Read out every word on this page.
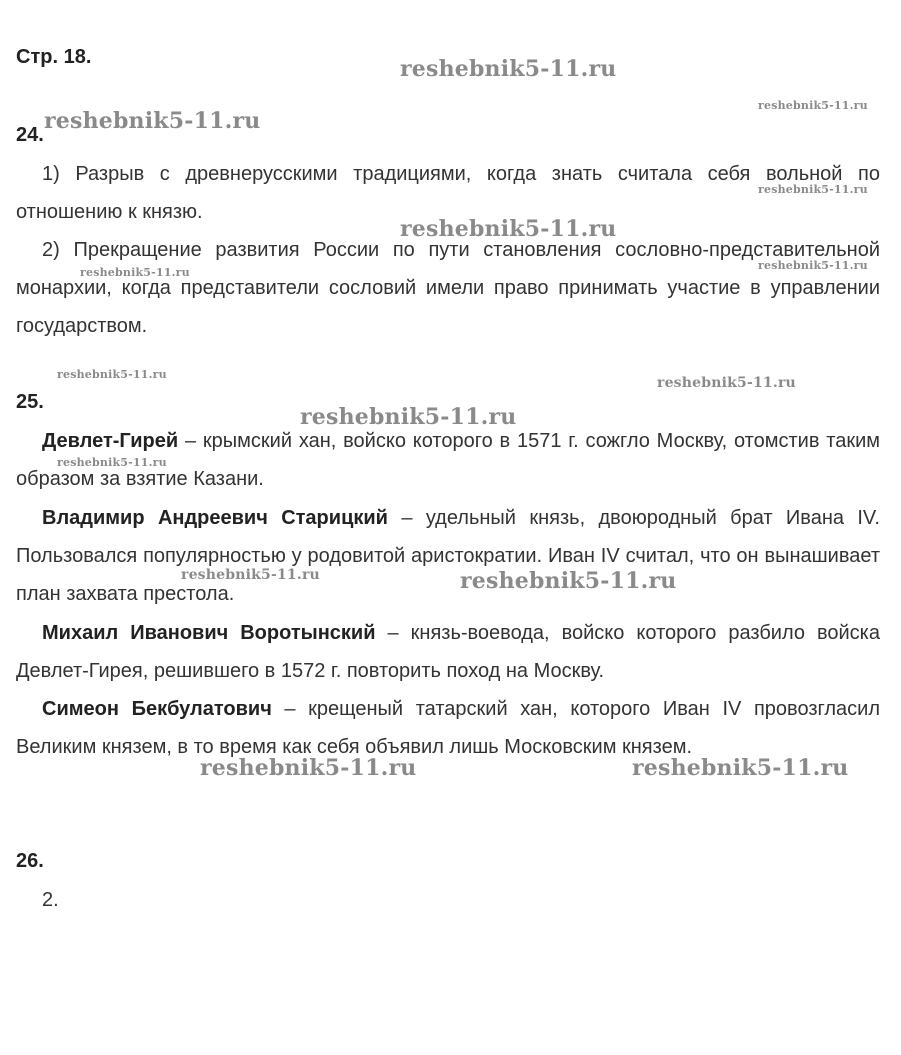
Стр. 18.
24.

1) Разрыв с древнерусскими традициями, когда знать считала себя вольной по отношению к князю.

2) Прекращение развития России по пути становления сословно-представительной монархии, когда представители сословий имели право принимать участие в управлении государством.

25.

Девлет-Гирей – крымский хан, войско которого в 1571 г. сожгло Москву, отомстив таким образом за взятие Казани.

Владимир Андреевич Старицкий – удельный князь, двоюродный брат Ивана IV. Пользовался популярностью у родовитой аристократии. Иван IV считал, что он вынашивает план захвата престола.

Михаил Иванович Воротынский – князь-воевода, войско которого разбило войска Девлет-Гирея, решившего в 1572 г. повторить поход на Москву.

Симеон Бекбулатович – крещеный татарский хан, которого Иван IV провозгласил Великим князем, в то время как себя объявил лишь Московским князем.

26.

2.

reshebnik5-11.ru
reshebnik5-11.ru
reshebnik5-11.ru
reshebnik5-11.ru
reshebnik5-11.ru
reshebnik5-11.ru
reshebnik5-11.ru
reshebnik5-11.ru
reshebnik5-11.ru
reshebnik5-11.ru
reshebnik5-11.ru
reshebnik5-11.ru	reshebnik5-11.ru
reshebnik5-11.ru	reshebnik5-11.ru
